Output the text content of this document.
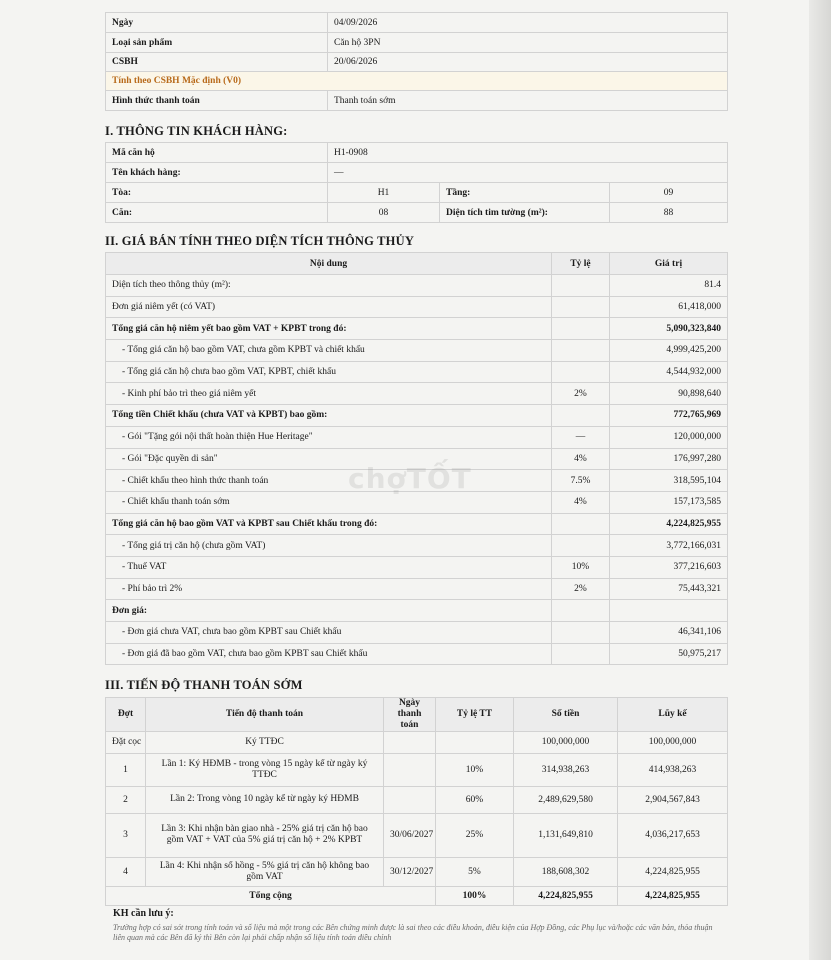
Ngày	04/09/2026
Loại sản phẩm	Căn hộ 3PN
CSBH	20/06/2026
Tính theo CSBH Mặc định (V0)	
Hình thức thanh toán	Thanh toán sớm
I. THÔNG TIN KHÁCH HÀNG:
Mã căn hộ	H1-0908		
Tên khách hàng:	—		
Tòa:	H1	Tầng:	09
Căn:	08	Diện tích tim tường (m²):	88
II. GIÁ BÁN TÍNH THEO DIỆN TÍCH THÔNG THỦY
Nội dung	Tỷ lệ	Giá trị
Diện tích theo thông thủy (m²):		81.4
Đơn giá niêm yết (có VAT)		61,418,000
Tổng giá căn hộ niêm yết bao gồm VAT + KPBT trong đó:		5,090,323,840
- Tổng giá căn hộ bao gồm VAT, chưa gồm KPBT và chiết khấu		4,999,425,200
- Tổng giá căn hộ chưa bao gồm VAT, KPBT, chiết khấu		4,544,932,000
- Kinh phí bảo trì theo giá niêm yết	2%	90,898,640
Tổng tiền Chiết khấu (chưa VAT và KPBT) bao gồm:		772,765,969
- Gói "Tặng gói nội thất hoàn thiện Hue Heritage"	—	120,000,000
- Gói "Đặc quyền di sản"	4%	176,997,280
- Chiết khấu theo hình thức thanh toán	7.5%	318,595,104
- Chiết khấu thanh toán sớm	4%	157,173,585
Tổng giá căn hộ bao gồm VAT và KPBT sau Chiết khấu trong đó:		4,224,825,955
- Tổng giá trị căn hộ (chưa gồm VAT)		3,772,166,031
- Thuế VAT	10%	377,216,603
- Phí bảo trì 2%	2%	75,443,321
Đơn giá:		
- Đơn giá chưa VAT, chưa bao gồm KPBT sau Chiết khấu		46,341,106
- Đơn giá đã bao gồm VAT, chưa bao gồm KPBT sau Chiết khấu		50,975,217
III. TIẾN ĐỘ THANH TOÁN SỚM
Đợt	Tiến độ thanh toán	Ngày thanh toán	Tỷ lệ TT	Số tiền	Lũy kế
Đặt cọc	Ký TTĐC			100,000,000	100,000,000
1	Lần 1: Ký HĐMB - trong vòng 15 ngày kể từ ngày ký TTĐC		10%	314,938,263	414,938,263
2	Lần 2: Trong vòng 10 ngày kể từ ngày ký HĐMB		60%	2,489,629,580	2,904,567,843
3	Lần 3: Khi nhận bàn giao nhà - 25% giá trị căn hộ bao gồm VAT + VAT của 5% giá trị căn hộ + 2% KPBT	30/06/2027	25%	1,131,649,810	4,036,217,653
4	Lần 4: Khi nhận sổ hồng - 5% giá trị căn hộ không bao gồm VAT	30/12/2027	5%	188,608,302	4,224,825,955
Tổng cộng			100%	4,224,825,955	4,224,825,955
KH cần lưu ý:
Trường hợp có sai sót trong tính toán và số liệu mà một trong các Bên chứng minh được là sai theo các điều khoản, điều kiện của Hợp Đồng, các Phụ lục và/hoặc các văn bản, thỏa thuận liên quan mà các Bên đã ký thì Bên còn lại phải chấp nhận số liệu tính toán điều chỉnh
chợTỐT
